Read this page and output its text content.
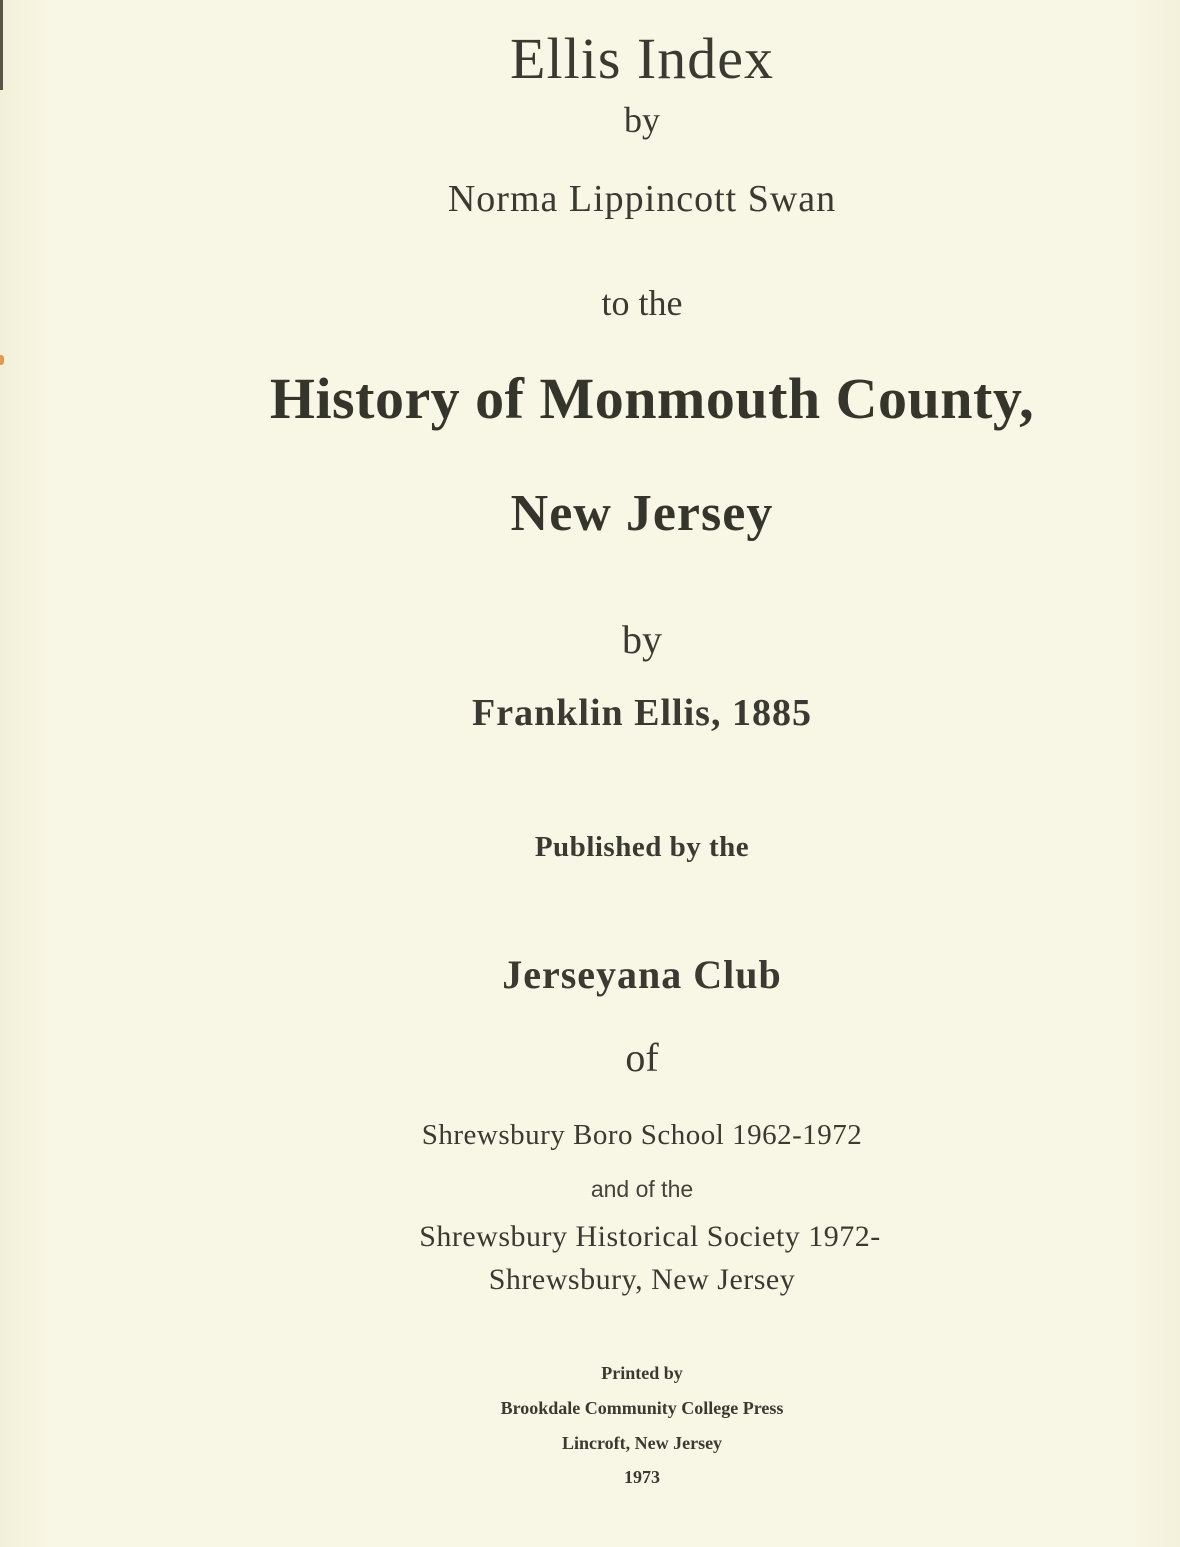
Ellis Index
by
Norma Lippincott Swan
to the
History of Monmouth County,
New Jersey
by
Franklin Ellis, 1885
Published by the
Jerseyana Club
of
Shrewsbury Boro School 1962-1972
and of the
Shrewsbury Historical Society 1972-
Shrewsbury, New Jersey
Printed by
Brookdale Community College Press
Lincroft, New Jersey
1973
